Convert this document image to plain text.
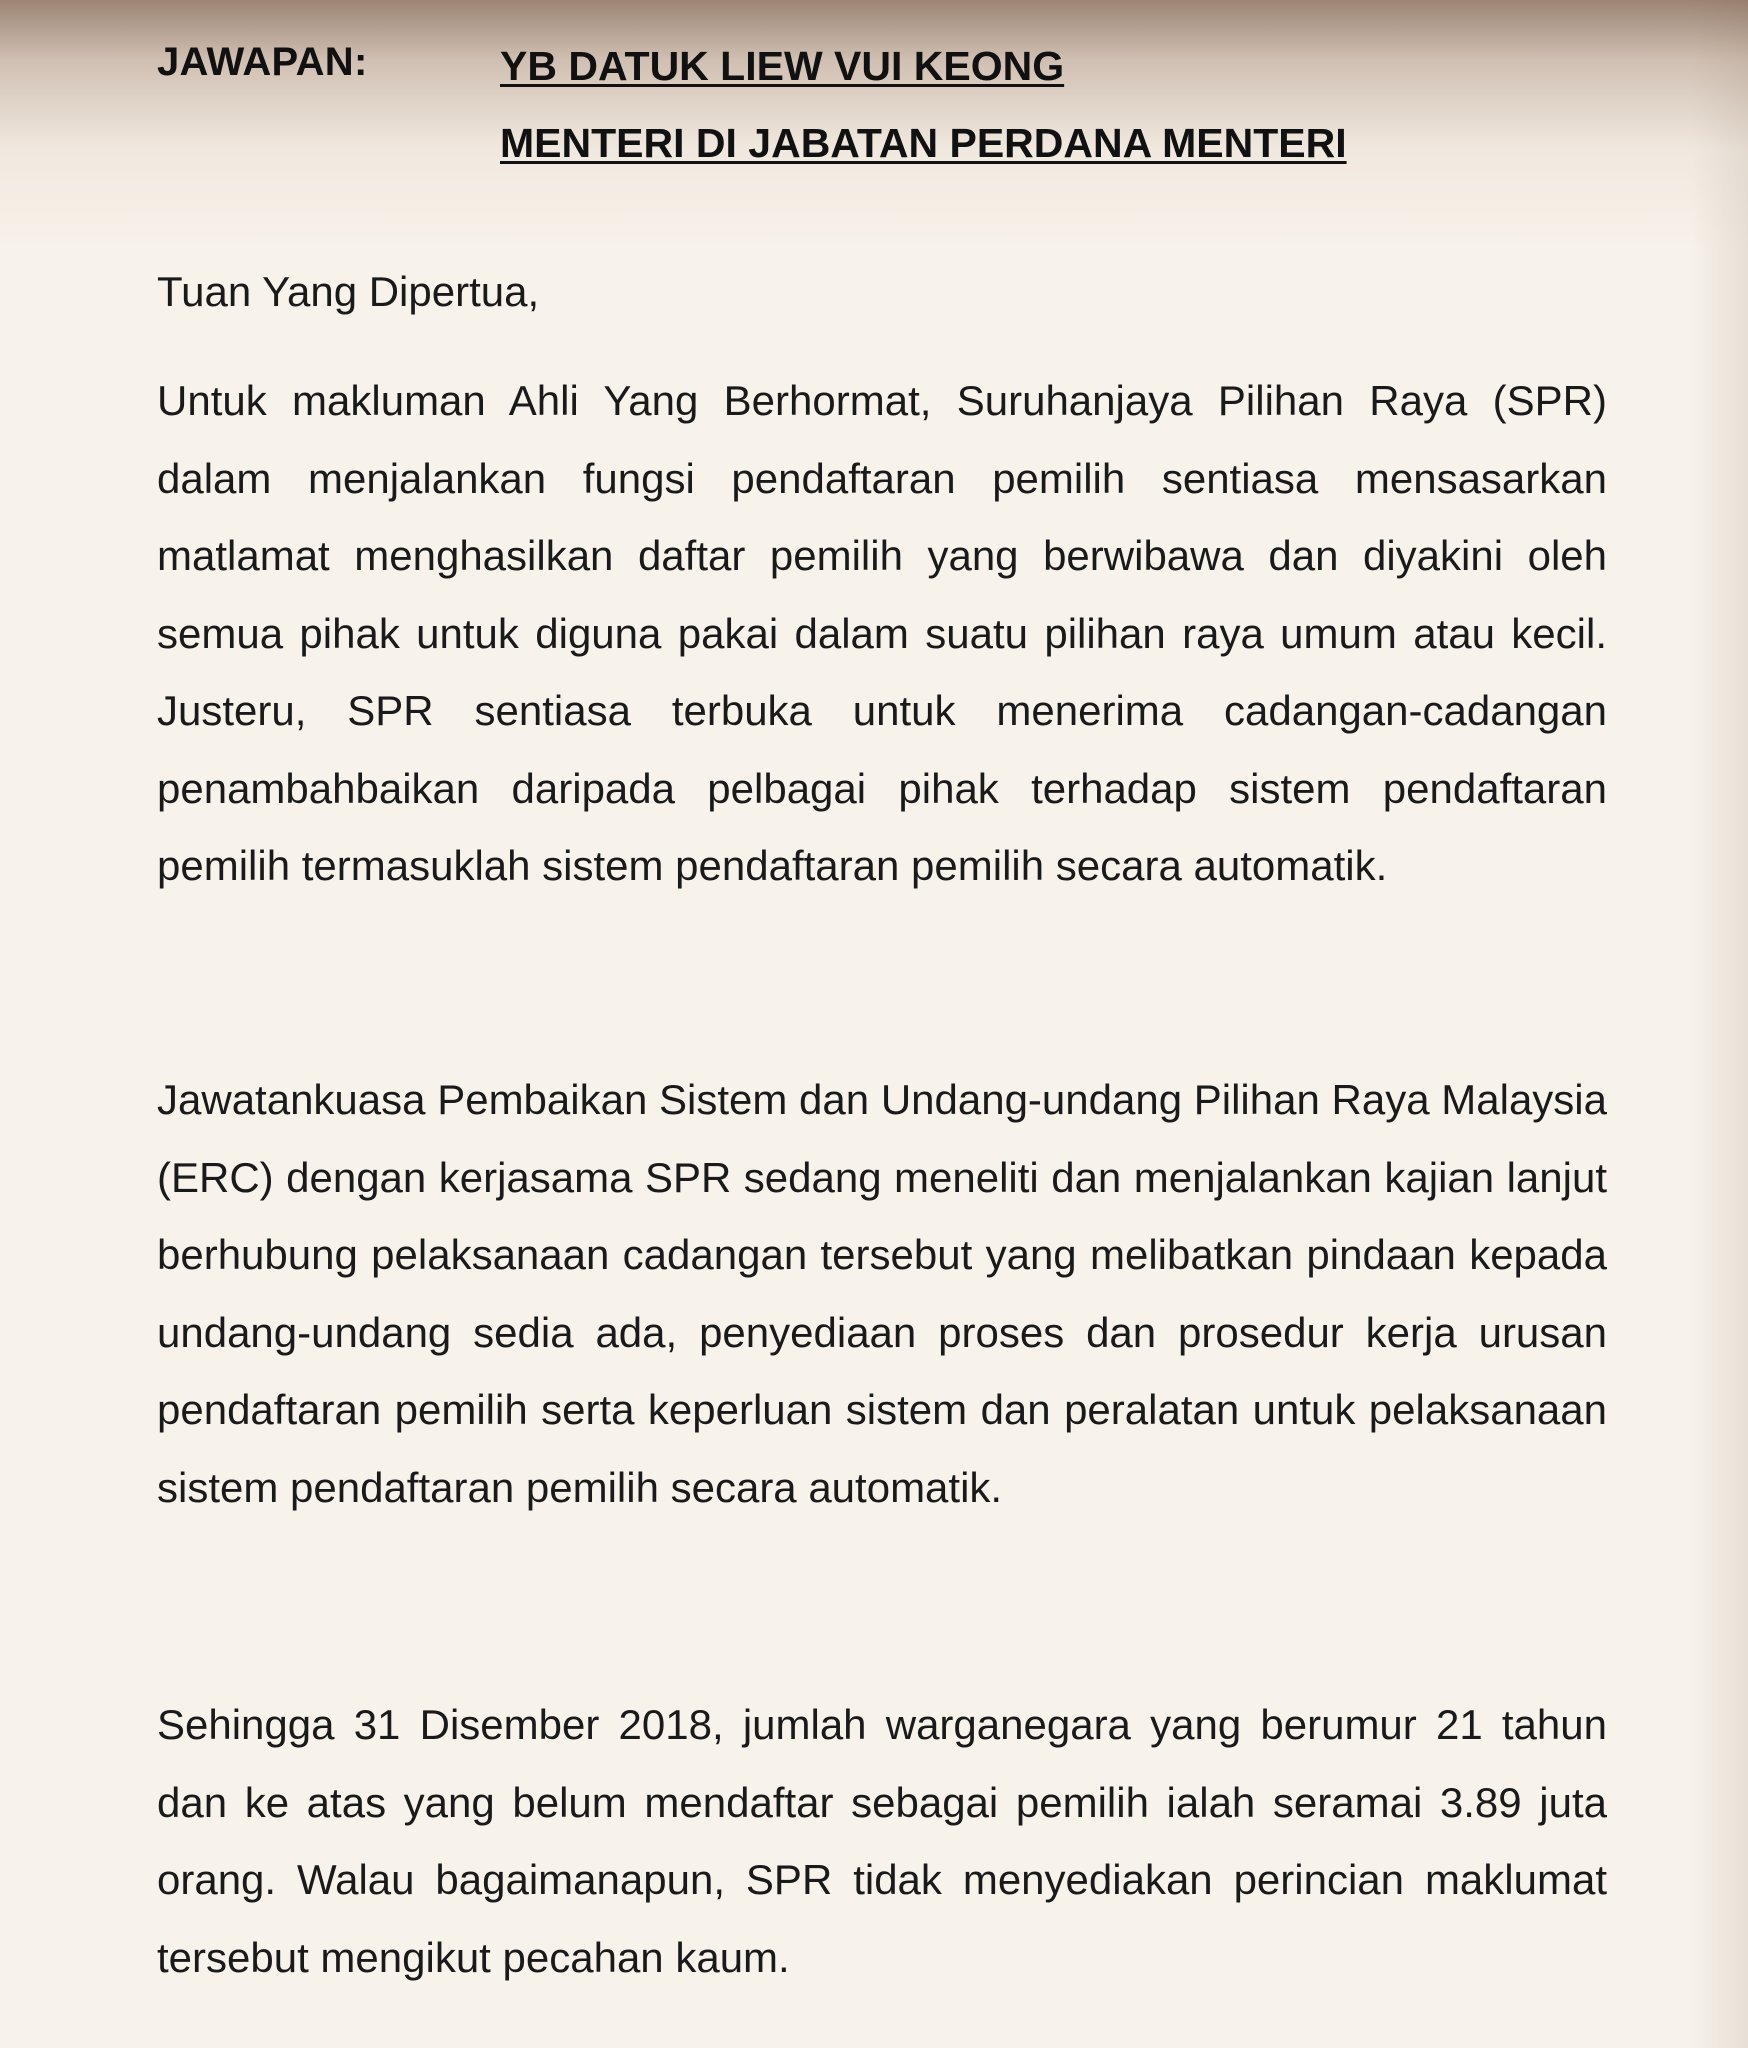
JAWAPAN:	YB DATUK LIEW VUI KEONG
MENTERI DI JABATAN PERDANA MENTERI
Tuan Yang Dipertua,

Untuk makluman Ahli Yang Berhormat, Suruhanjaya Pilihan Raya (SPR) dalam menjalankan fungsi pendaftaran pemilih sentiasa mensasarkan matlamat menghasilkan daftar pemilih yang berwibawa dan diyakini oleh semua pihak untuk diguna pakai dalam suatu pilihan raya umum atau kecil. Justeru, SPR sentiasa terbuka untuk menerima cadangan-cadangan penambahbaikan daripada pelbagai pihak terhadap sistem pendaftaran pemilih termasuklah sistem pendaftaran pemilih secara automatik.

Jawatankuasa Pembaikan Sistem dan Undang-undang Pilihan Raya Malaysia (ERC) dengan kerjasama SPR sedang meneliti dan menjalankan kajian lanjut berhubung pelaksanaan cadangan tersebut yang melibatkan pindaan kepada undang-undang sedia ada, penyediaan proses dan prosedur kerja urusan pendaftaran pemilih serta keperluan sistem dan peralatan untuk pelaksanaan sistem pendaftaran pemilih secara automatik.

Sehingga 31 Disember 2018, jumlah warganegara yang berumur 21 tahun dan ke atas yang belum mendaftar sebagai pemilih ialah seramai 3.89 juta orang. Walau bagaimanapun, SPR tidak menyediakan perincian maklumat tersebut mengikut pecahan kaum.
